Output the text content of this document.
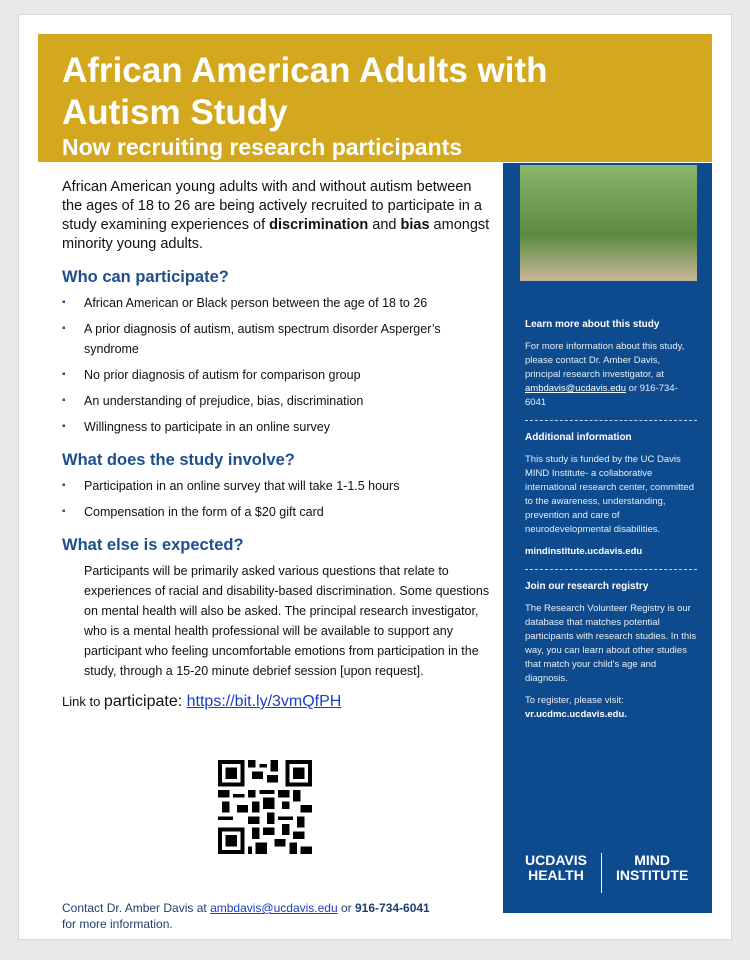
African American Adults with Autism Study
Now recruiting research participants

African American young adults with and without autism between the ages of 18 to 26 are being actively recruited to participate in a study examining experiences of discrimination and bias amongst minority young adults.

Who can participate?
▪ African American or Black person between the age of 18 to 26
▪ A prior diagnosis of autism, autism spectrum disorder Asperger’s syndrome
▪ No prior diagnosis of autism for comparison group
▪ An understanding of prejudice, bias, discrimination
▪ Willingness to participate in an online survey
What does the study involve?
▪ Participation in an online survey that will take 1-1.5 hours
▪ Compensation in the form of a $20 gift card
What else is expected?

Participants will be primarily asked various questions that relate to experiences of racial and disability-based discrimination. Some questions on mental health will also be asked. The principal research investigator, who is a mental health professional will be available to support any participant who feeling uncomfortable emotions from participation in the study, through a 15-20 minute debrief session [upon request].

Link to participate: https://bit.ly/3vmQfPH

Contact Dr. Amber Davis at ambdavis@ucdavis.edu or 916-734-6041
for more information.
Learn more about this study

For more information about this study, please contact Dr. Amber Davis, principal research investigator, at ambdavis@ucdavis.edu or 916-734-6041

Additional information

This study is funded by the UC Davis MIND Institute- a collaborative international research center, committed to the awareness, understanding, prevention and care of neurodevelopmental disabilities.

mindinstitute.ucdavis.edu

Join our research registry

The Research Volunteer Registry is our database that matches potential participants with research studies. In this way, you can learn about other studies that match your child's age and diagnosis.

To register, please visit:

vr.ucdmc.ucdavis.edu.

UCDAVIS
HEALTH
MIND
INSTITUTE
